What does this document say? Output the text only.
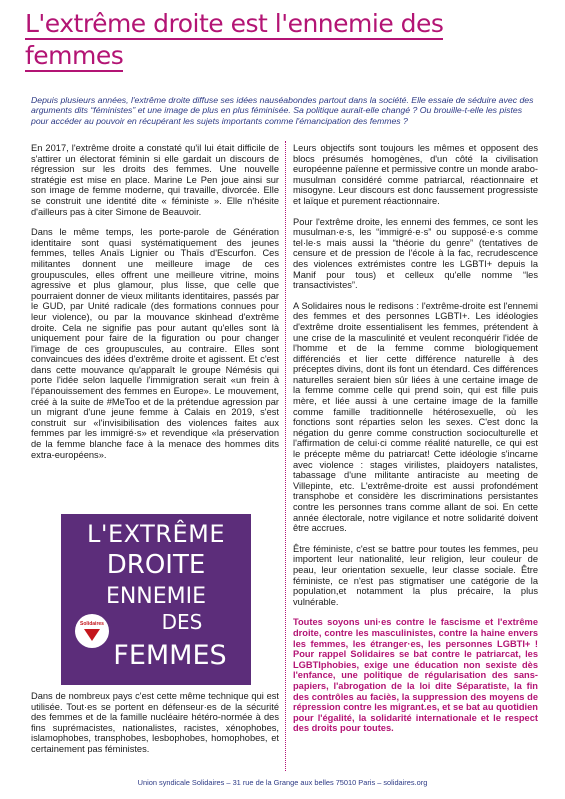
L'extrême droite est l'ennemie des
femmes
Depuis plusieurs années, l'extrême droite diffuse ses idées nauséabondes partout dans la société. Elle essaie de séduire avec des arguments dits “féministes” et une image de plus en plus féminisée. Sa politique aurait-elle changé ? Ou brouille-t-elle les pistes pour accéder au pouvoir en récupérant les sujets importants comme l'émancipation des femmes ?

En 2017, l'extrême droite a constaté qu'il lui était difficile de s'attirer un électorat féminin si elle gardait un discours de régression sur les droits des femmes. Une nouvelle stratégie est mise en place. Marine Le Pen joue ainsi sur son image de femme moderne, qui travaille, divorcée. Elle se construit une identité dite « féministe ». Elle n'hésite d'ailleurs pas à citer Simone de Beauvoir.

Dans le même temps, les porte-parole de Génération identitaire sont quasi systématiquement des jeunes femmes, telles Anaïs Lignier ou Thaïs d'Escurfon. Ces militantes donnent une meilleure image de ces groupuscules, elles offrent une meilleure vitrine, moins agressive et plus glamour, plus lisse, que celle que pourraient donner de vieux militants identitaires, passés par le GUD, par Unité radicale (des formations connues pour leur violence), ou par la mouvance skinhead d'extrême droite. Cela ne signifie pas pour autant qu'elles sont là uniquement pour faire de la figuration ou pour changer l'image de ces groupuscules, au contraire. Elles sont convaincues des idées d'extrême droite et agissent. Et c'est dans cette mouvance qu'apparaît le groupe Némésis qui porte l'idée selon laquelle l'immigration serait «un frein à l'épanouissement des femmes en Europe». Le mouvement, créé à la suite de #MeToo et de la prétendue agression par un migrant d'une jeune femme à Calais en 2019, s'est construit sur «l'invisibilisation des violences faites aux femmes par les immigré·s» et revendique «la préservation de la femme blanche face à la menace des hommes dits extra-européens».

L'EXTRÊME
DROITE
ENNEMIE
DES
FEMMES
Solidaires
Dans de nombreux pays c'est cette même technique qui est utilisée. Tout·es se portent en défenseur·es de la sécurité des femmes et de la famille nucléaire hétéro-normée à des fins suprémacistes, nationalistes, racistes, xénophobes, islamophobes, transphobes, lesbophobes, homophobes, et certainement pas féministes.

Leurs objectifs sont toujours les mêmes et opposent des blocs présumés homogènes, d'un côté la civilisation européenne païenne et permissive contre un monde arabo-musulman considéré comme patriarcal, réactionnaire et misogyne. Leur discours est donc faussement progressiste et laïque et purement réactionnaire.

Pour l'extrême droite, les ennemi des femmes, ce sont les musulman·e·s, les “immigré·e·s” ou supposé·e·s comme tel·le·s mais aussi la “théorie du genre” (tentatives de censure et de pression de l'école à la fac, recrudescence des violences extrémistes contre les LGBTI+ depuis la Manif pour tous) et celleux qu'elle nomme “les transactivistes”.

A Solidaires nous le redisons : l'extrême-droite est l'ennemi des femmes et des personnes LGBTI+. Les idéologies d'extrême droite essentialisent les femmes, prétendent à une crise de la masculinité et veulent reconquérir l'idée de l'homme et de la femme comme biologiquement différenciés et lier cette différence naturelle à des préceptes divins, dont ils font un étendard. Ces différences naturelles seraient bien sûr liées à une certaine image de la femme comme celle qui prend soin, qui est fille puis mère, et liée aussi à une certaine image de la famille comme famille traditionnelle hétérosexuelle, où les fonctions sont réparties selon les sexes. C'est donc la négation du genre comme construction socioculturelle et l'affirmation de celui·ci comme réalité naturelle, ce qui est le précepte même du patriarcat! Cette idéologie s'incarne avec violence : stages virilistes, plaidoyers natalistes, tabassage d'une militante antiraciste au meeting de Villepinte, etc. L'extrême-droite est aussi profondément transphobe et considère les discriminations persistantes contre les personnes trans comme allant de soi. En cette année électorale, notre vigilance et notre solidarité doivent être accrues.

Être féministe, c'est se battre pour toutes les femmes, peu importent leur nationalité, leur religion, leur couleur de peau, leur orientation sexuelle, leur classe sociale. Être féministe, ce n'est pas stigmatiser une catégorie de la population,et notamment la plus précaire, la plus vulnérable.

Toutes soyons uni·es contre le fascisme et l'extrême droite, contre les masculinistes, contre la haine envers les femmes, les étranger·es, les personnes LGBTI+ ! Pour rappel Solidaires se bat contre le patriarcat, les LGBTIphobies, exige une éducation non sexiste dès l'enfance, une politique de régularisation des sans-papiers, l'abrogation de la loi dite Séparatiste, la fin des contrôles au faciès, la suppression des moyens de répression contre les migrant.es, et se bat au quotidien pour l'égalité, la solidarité internationale et le respect des droits pour toutes.

Union syndicale Solidaires – 31 rue de la Grange aux belles 75010 Paris – solidaires.org
